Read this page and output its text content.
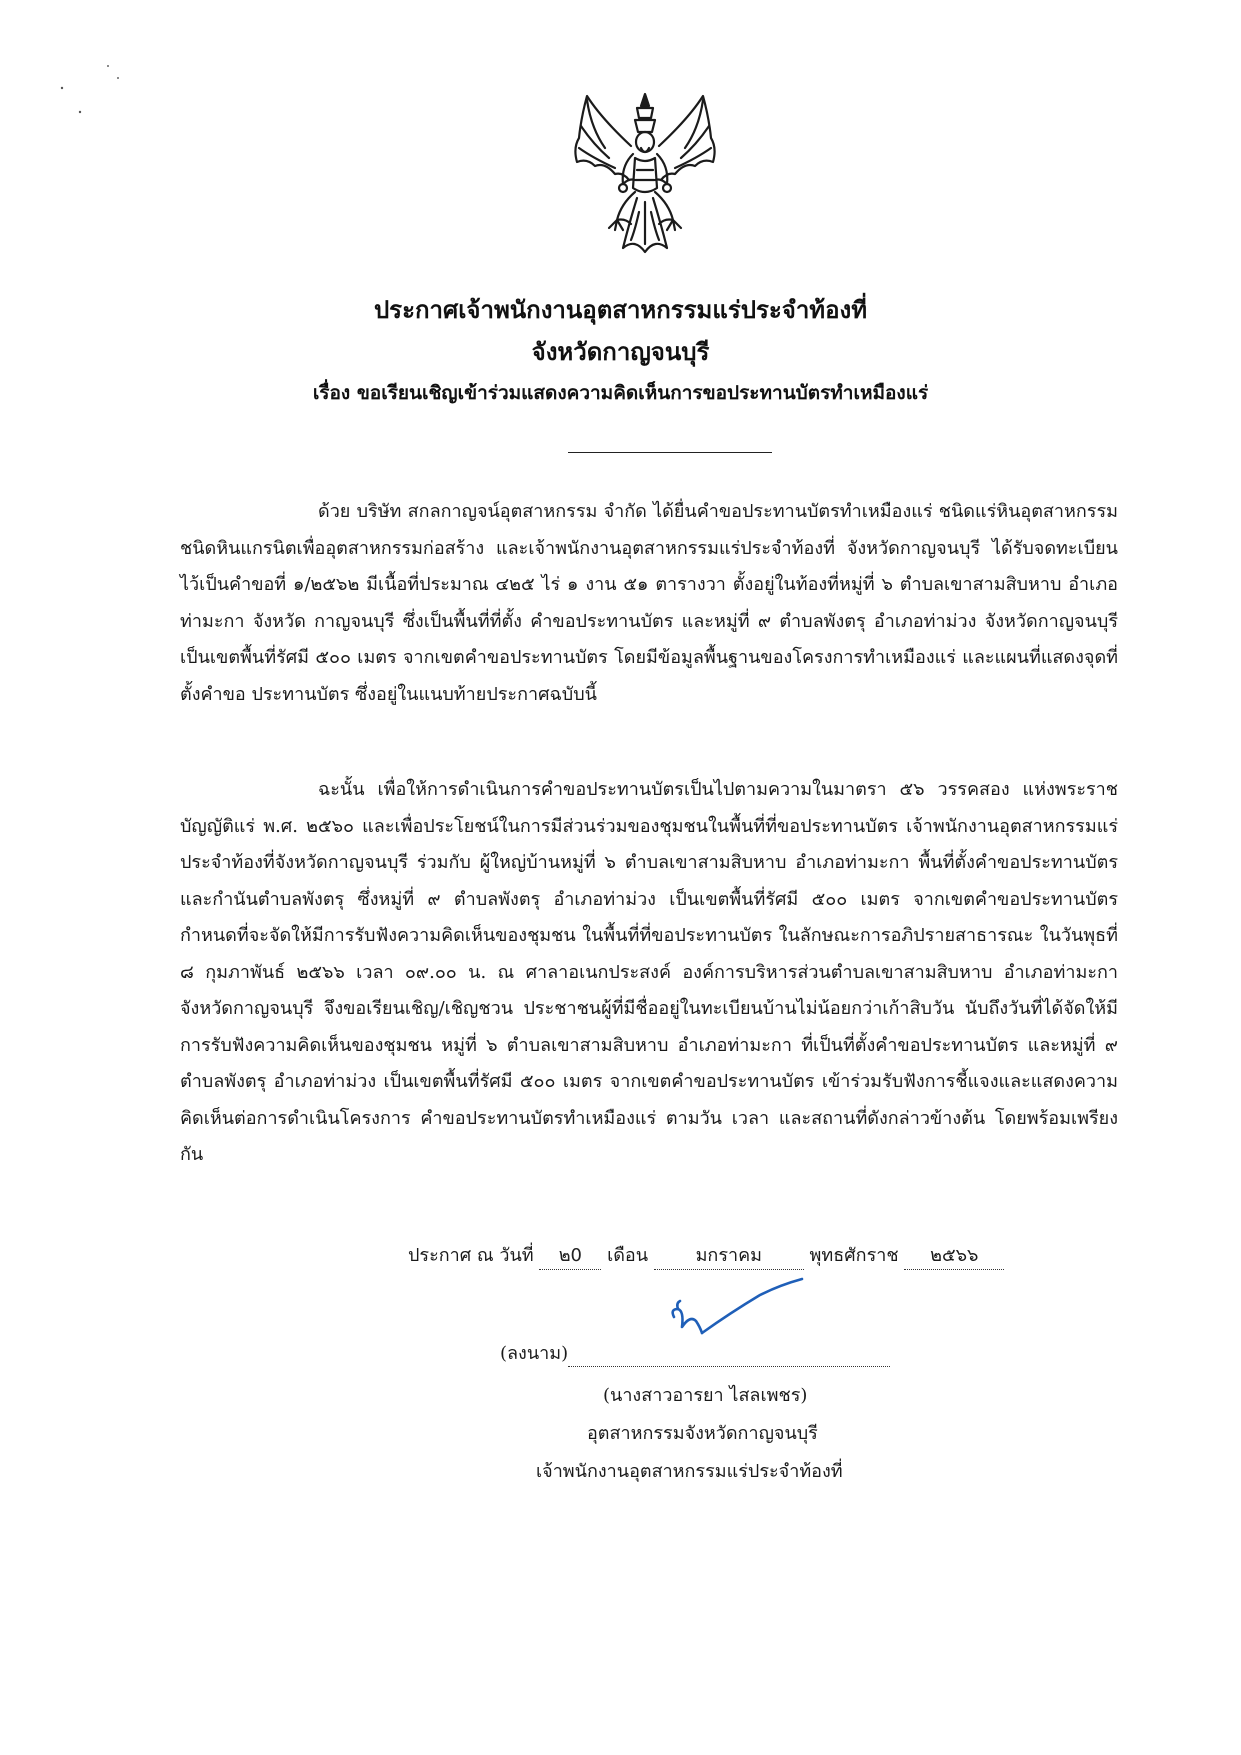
ประกาศเจ้าพนักงานอุตสาหกรรมแร่ประจำท้องที่
จังหวัดกาญจนบุรี
เรื่อง ขอเรียนเชิญเข้าร่วมแสดงความคิดเห็นการขอประทานบัตรทำเหมืองแร่
ด้วย บริษัท สกลกาญจน์อุตสาหกรรม จำกัด ได้ยื่นคำขอประทานบัตรทำเหมืองแร่ ชนิดแร่หินอุตสาหกรรมชนิดหินแกรนิตเพื่ออุตสาหกรรมก่อสร้าง และเจ้าพนักงานอุตสาหกรรมแร่ประจำท้องที่ จังหวัดกาญจนบุรี ได้รับจดทะเบียนไว้เป็นคำขอที่ ๑/๒๕๖๒ มีเนื้อที่ประมาณ ๔๒๕ ไร่ ๑ งาน ๕๑ ตารางวา ตั้งอยู่ในท้องที่หมู่ที่ ๖ ตำบลเขาสามสิบหาบ อำเภอท่ามะกา จังหวัด กาญจนบุรี ซึ่งเป็นพื้นที่ที่ตั้ง คำขอประทานบัตร และหมู่ที่ ๙ ตำบลพังตรุ อำเภอท่าม่วง จังหวัดกาญจนบุรี เป็นเขตพื้นที่รัศมี ๕๐๐ เมตร จากเขตคำขอประทานบัตร โดยมีข้อมูลพื้นฐานของโครงการทำเหมืองแร่ และแผนที่แสดงจุดที่ตั้งคำขอ ประทานบัตร ซึ่งอยู่ในแนบท้ายประกาศฉบับนี้
ฉะนั้น เพื่อให้การดำเนินการคำขอประทานบัตรเป็นไปตามความในมาตรา ๕๖ วรรคสอง แห่งพระราชบัญญัติแร่ พ.ศ. ๒๕๖๐ และเพื่อประโยชน์ในการมีส่วนร่วมของชุมชนในพื้นที่ที่ขอประทานบัตร เจ้าพนักงานอุตสาหกรรมแร่ประจำท้องที่จังหวัดกาญจนบุรี ร่วมกับ ผู้ใหญ่บ้านหมู่ที่ ๖ ตำบลเขาสามสิบหาบ อำเภอท่ามะกา พื้นที่ตั้งคำขอประทานบัตร และกำนันตำบลพังตรุ ซึ่งหมู่ที่ ๙ ตำบลพังตรุ อำเภอท่าม่วง เป็นเขตพื้นที่รัศมี ๕๐๐ เมตร จากเขตคำขอประทานบัตร กำหนดที่จะจัดให้มีการรับฟังความคิดเห็นของชุมชน ในพื้นที่ที่ขอประทานบัตร ในลักษณะการอภิปรายสาธารณะ ในวันพุธที่ ๘ กุมภาพันธ์ ๒๕๖๖ เวลา ๐๙.๐๐ น. ณ ศาลาอเนกประสงค์ องค์การบริหารส่วนตำบลเขาสามสิบหาบ อำเภอท่ามะกา จังหวัดกาญจนบุรี จึงขอเรียนเชิญ/เชิญชวน ประชาชนผู้ที่มีชื่ออยู่ในทะเบียนบ้านไม่น้อยกว่าเก้าสิบวัน นับถึงวันที่ได้จัดให้มี การรับฟังความคิดเห็นของชุมชน หมู่ที่ ๖ ตำบลเขาสามสิบหาบ อำเภอท่ามะกา ที่เป็นที่ตั้งคำขอประทานบัตร และหมู่ที่ ๙ ตำบลพังตรุ อำเภอท่าม่วง เป็นเขตพื้นที่รัศมี ๕๐๐ เมตร จากเขตคำขอประทานบัตร เข้าร่วมรับฟังการชี้แจงและแสดงความคิดเห็นต่อการดำเนินโครงการ คำขอประทานบัตรทำเหมืองแร่ ตามวัน เวลา และสถานที่ดังกล่าวข้างต้น โดยพร้อมเพรียงกัน
ประกาศ ณ วันที่ ๒0 เดือน	มกราคม	พุทธศักราช ๒๕๖๖
(ลงนาม)
(นางสาวอารยา ไสลเพชร)
อุตสาหกรรมจังหวัดกาญจนบุรี
เจ้าพนักงานอุตสาหกรรมแร่ประจำท้องที่
